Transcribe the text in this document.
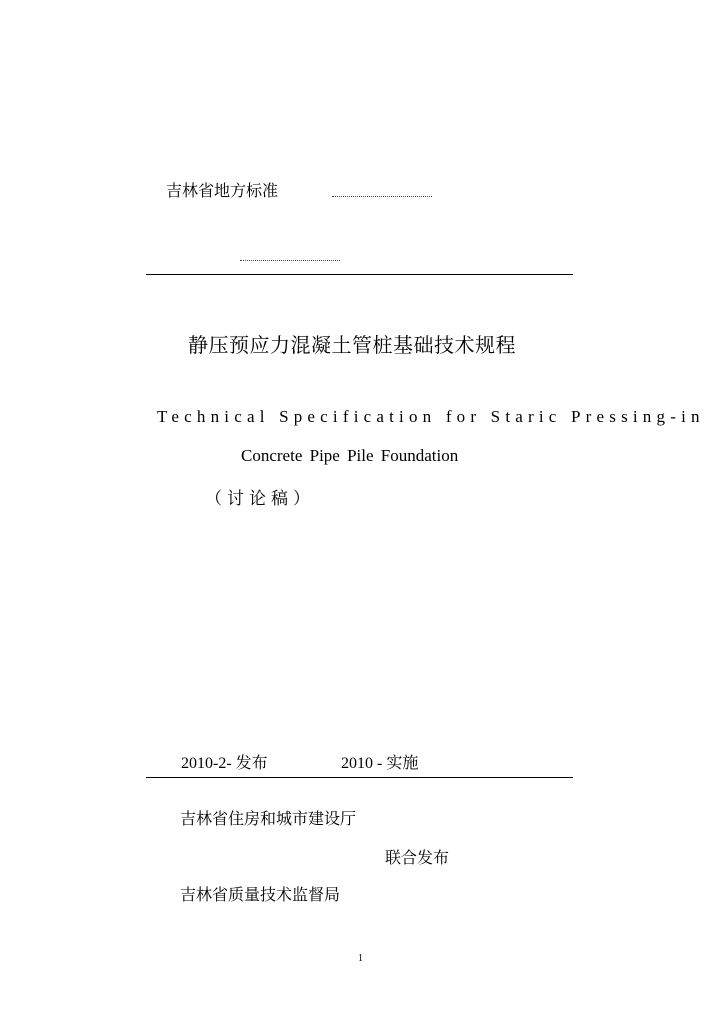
吉林省地方标准
静压预应力混凝土管桩基础技术规程
Technical Specification for Staric Pressing-in
Concrete Pipe Pile Foundation
（讨论稿）
2010-2- 发布	2010 - 实施
吉林省住房和城市建设厅
联合发布
吉林省质量技术监督局
1
